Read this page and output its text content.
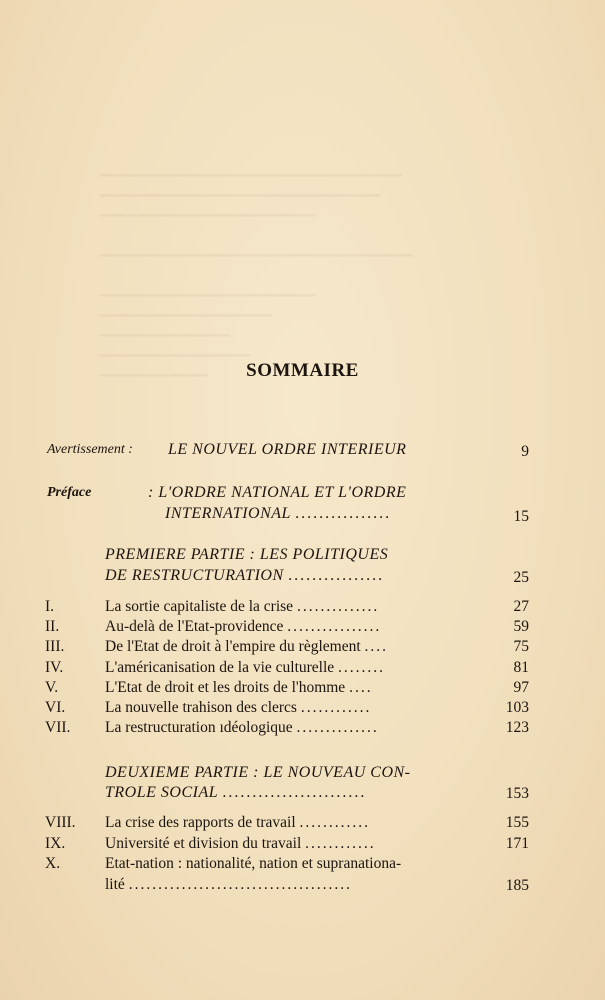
▁▁▁▁▁▁▁▁▁▁▁▁▁▁▁▁▁▁▁▁▁▁▁▁▁▁▁▁
▁▁▁▁▁▁▁▁▁▁▁▁▁▁▁▁▁▁▁▁▁▁▁▁▁▁
▁▁▁▁▁▁▁▁▁▁▁▁▁▁▁▁▁▁▁▁

▁▁▁▁▁▁▁▁▁▁▁▁▁▁▁▁▁▁▁▁▁▁▁▁▁▁▁▁▁

▁▁▁▁▁▁▁▁▁▁▁▁▁▁▁▁▁▁▁▁
▁▁▁▁▁▁▁▁▁▁▁▁▁▁▁▁
▁▁▁▁▁▁▁▁▁▁▁▁
▁▁▁▁▁▁▁▁▁▁▁▁▁▁
▁▁▁▁▁▁▁▁▁▁	SOMMAIRE
Avertissement : LE NOUVEL ORDRE INTERIEUR	9
Préface	: L'ORDRE NATIONAL ET L'ORDRE
INTERNATIONAL ................	15
PREMIERE PARTIE : LES POLITIQUES
DE RESTRUCTURATION ................	25
I.	La sortie capitaliste de la crise ..............	27
II.	Au-delà de l'Etat-providence ................	59
III.	De l'Etat de droit à l'empire du règlement ....	75
IV.	L'américanisation de la vie culturelle ........	81
V.	L'Etat de droit et les droits de l'homme ....	97
VI.	La nouvelle trahison des clercs ............	103
VII. La restructuration ıdéologique ..............	123
DEUXIEME PARTIE : LE NOUVEAU CON-
TROLE SOCIAL ........................	153
VIII. La crise des rapports de travail ............	155
IX.	Université et division du travail ............	171
X.	Etat-nation : nationalité, nation et supranationa-
lité ......................................	185
